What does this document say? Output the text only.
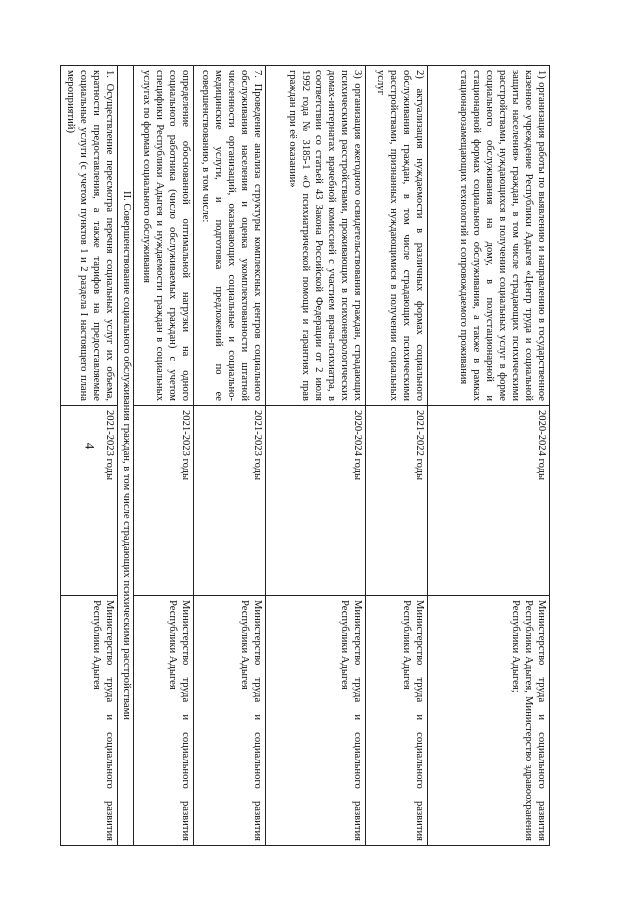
4
1) организация работы по выявлению и направлению в государственное казенное учреждение Республики Адыгея «Центр труда и социальной защиты населения» граждан, в том числе страдающих психическими расстройствами, нуждающихся в получении социальных услуг в форме социального обслуживания на дому, в полустационарной и стационарной формах социального обслуживания, а также в рамках стационарозамещающих технологий и сопровождаемого проживания	2020-2024 годы	Министерство труда и социального развития Республики Адыгея, Министерство здравоохранения Республики Адыгея;
2) актуализация нуждаемости в различных формах социального обслуживания граждан, в том числе страдающих психическими расстройствами, признанных нуждающимися в получении социальных услуг	2021-2022 годы	Министерство труда и социального развития Республики Адыгея
3) организация ежегодного освидетельствования граждан, страдающих психическими расстройствами, проживающих в психоневрологических домах-интернатах врачебной комиссией с участием врача-психиатра, в соответствии со статьей 43 Закона Российской Федерации от 2 июля 1992 года № 3185-1 «О психиатрической помощи и гарантиях прав граждан при её оказании»	2020-2024 годы	Министерство труда и социального развития Республики Адыгея
7. Проведение анализа структуры комплексных центров социального обслуживания населения и оценка укомплектованности штатной численности организаций, оказывающих социальные и социально-медицинские услуги, и подготовка предложений по ее совершенствованию, в том числе:	2021-2023 годы	Министерство труда и социального развития Республики Адыгея
определение обоснованной оптимальной нагрузки на одного социального работника (число обслуживаемых граждан) с учетом специфики Республики Адыгея и нуждаемости граждан в социальных услугах по формам социального обслуживания	2021-2023 годы	Министерство труда и социального развития Республики Адыгея
II. Совершенствование социального обслуживания граждан, в том числе страдающих психическими расстройствами		
1. Осуществление пересмотра перечня социальных услуг их объема, кратности предоставления, а также тарифов на предоставляемые социальные услуги (с учетом пунктов 1 и 2 раздела I настоящего плана мероприятий)	2021-2023 годы	Министерство труда и социального развития Республики Адыгея
